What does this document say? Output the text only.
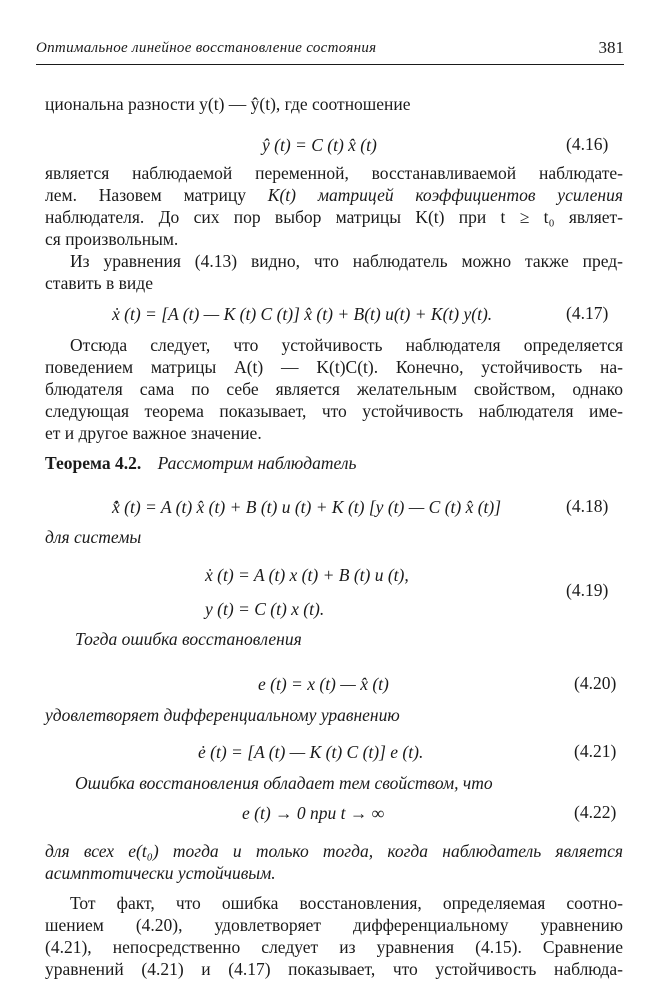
Оптимальное линейное восстановление состояния	381
циональна разности y(t) — ŷ(t), где соотношение
ŷ (t) = C (t) x̂ (t)	(4.16)
является наблюдаемой переменной, восстанавливаемой наблюдате-
лем. Назовем матрицу K(t) матрицей коэффициентов усиления
наблюдателя. До сих пор выбор матрицы K(t) при t ≥ t₀ являет-
ся произвольным.
Из уравнения (4.13) видно, что наблюдатель можно также пред-
ставить в виде
ẋ (t) = [A (t) — K (t) C (t)] x̂ (t) + B(t) u(t) + K(t) y(t).	(4.17)
Отсюда следует, что устойчивость наблюдателя определяется
поведением матрицы A(t) — K(t)C(t). Конечно, устойчивость на-
блюдателя сама по себе является желательным свойством, однако
следующая теорема показывает, что устойчивость наблюдателя име-
ет и другое важное значение.
Теорема 4.2. Рассмотрим наблюдатель
x̂̇ (t) = A (t) x̂ (t) + B (t) u (t) + K (t) [y (t) — C (t) x̂ (t)]	(4.18)
для системы
ẋ (t) = A (t) x (t) + B (t) u (t),
y (t) = C (t) x (t).
(4.19)
Тогда ошибка восстановления
e (t) = x (t) — x̂ (t)	(4.20)
удовлетворяет дифференциальному уравнению
ė (t) = [A (t) — K (t) C (t)] e (t).	(4.21)
Ошибка восстановления обладает тем свойством, что
e (t) → 0 при t → ∞	(4.22)
для всех e(t₀) тогда и только тогда, когда наблюдатель является
асимптотически устойчивым.
Тот факт, что ошибка восстановления, определяемая соотно-
шением (4.20), удовлетворяет дифференциальному уравнению
(4.21), непосредственно следует из уравнения (4.15). Сравнение
уравнений (4.21) и (4.17) показывает, что устойчивость наблюда-
